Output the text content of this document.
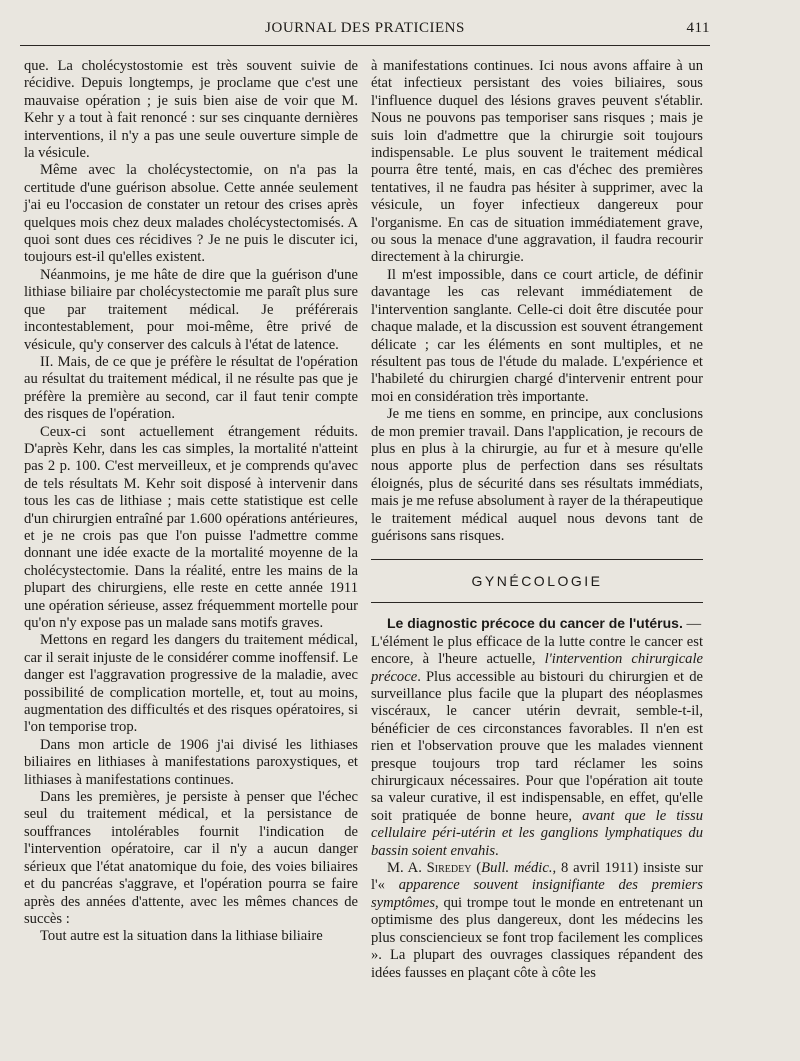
JOURNAL DES PRATICIENS	411

que. La cholécystostomie est très souvent suivie de récidive. Depuis longtemps, je proclame que c'est une mauvaise opération ; je suis bien aise de voir que M. Kehr y a tout à fait renoncé : sur ses cinquante dernières interventions, il n'y a pas une seule ouverture simple de la vésicule.

Même avec la cholécystectomie, on n'a pas la certitude d'une guérison absolue. Cette année seulement j'ai eu l'occasion de constater un retour des crises après quelques mois chez deux malades cholécystectomisés. A quoi sont dues ces récidives ? Je ne puis le discuter ici, toujours est-il qu'elles existent.

Néanmoins, je me hâte de dire que la guérison d'une lithiase biliaire par cholécystectomie me paraît plus sure que par traitement médical. Je préférerais incontestablement, pour moi-même, être privé de vésicule, qu'y conserver des calculs à l'état de latence.

II. Mais, de ce que je préfère le résultat de l'opération au résultat du traitement médical, il ne résulte pas que je préfère la première au second, car il faut tenir compte des risques de l'opération.

Ceux-ci sont actuellement étrangement réduits. D'après Kehr, dans les cas simples, la mortalité n'atteint pas 2 p. 100. C'est merveilleux, et je comprends qu'avec de tels résultats M. Kehr soit disposé à intervenir dans tous les cas de lithiase ; mais cette statistique est celle d'un chirurgien entraîné par 1.600 opérations antérieures, et je ne crois pas que l'on puisse l'admettre comme donnant une idée exacte de la mortalité moyenne de la cholécystectomie. Dans la réalité, entre les mains de la plupart des chirurgiens, elle reste en cette année 1911 une opération sérieuse, assez fréquemment mortelle pour qu'on n'y expose pas un malade sans motifs graves.

Mettons en regard les dangers du traitement médical, car il serait injuste de le considérer comme inoffensif. Le danger est l'aggravation progressive de la maladie, avec possibilité de complication mortelle, et, tout au moins, augmentation des difficultés et des risques opératoires, si l'on temporise trop.

Dans mon article de 1906 j'ai divisé les lithiases biliaires en lithiases à manifestations paroxystiques, et lithiases à manifestations continues.

Dans les premières, je persiste à penser que l'échec seul du traitement médical, et la persistance de souffrances intolérables fournit l'indication de l'intervention opératoire, car il n'y a aucun danger sérieux que l'état anatomique du foie, des voies biliaires et du pancréas s'aggrave, et l'opération pourra se faire après des années d'attente, avec les mêmes chances de succès :

Tout autre est la situation dans la lithiase biliaire

à manifestations continues. Ici nous avons affaire à un état infectieux persistant des voies biliaires, sous l'influence duquel des lésions graves peuvent s'établir. Nous ne pouvons pas temporiser sans risques ; mais je suis loin d'admettre que la chirurgie soit toujours indispensable. Le plus souvent le traitement médical pourra être tenté, mais, en cas d'échec des premières tentatives, il ne faudra pas hésiter à supprimer, avec la vésicule, un foyer infectieux dangereux pour l'organisme. En cas de situation immédiatement grave, ou sous la menace d'une aggravation, il faudra recourir directement à la chirurgie.

Il m'est impossible, dans ce court article, de définir davantage les cas relevant immédiatement de l'intervention sanglante. Celle-ci doit être discutée pour chaque malade, et la discussion est souvent étrangement délicate ; car les éléments en sont multiples, et ne résultent pas tous de l'étude du malade. L'expérience et l'habileté du chirurgien chargé d'intervenir entrent pour moi en considération très importante.

Je me tiens en somme, en principe, aux conclusions de mon premier travail. Dans l'application, je recours de plus en plus à la chirurgie, au fur et à mesure qu'elle nous apporte plus de perfection dans ses résultats éloignés, plus de sécurité dans ses résultats immédiats, mais je me refuse absolument à rayer de la thérapeutique le traitement médical auquel nous devons tant de guérisons sans risques.

GYNÉCOLOGIE

Le diagnostic précoce du cancer de l'utérus. —

L'élément le plus efficace de la lutte contre le cancer est encore, à l'heure actuelle, l'intervention chirurgicale précoce. Plus accessible au bistouri du chirurgien et de surveillance plus facile que la plupart des néoplasmes viscéraux, le cancer utérin devrait, semble-t-il, bénéficier de ces circonstances favorables. Il n'en est rien et l'observation prouve que les malades viennent presque toujours trop tard réclamer les soins chirurgicaux nécessaires. Pour que l'opération ait toute sa valeur curative, il est indispensable, en effet, qu'elle soit pratiquée de bonne heure, avant que le tissu cellulaire péri-utérin et les ganglions lymphatiques du bassin soient envahis.

M. A. Siredey (Bull. médic., 8 avril 1911) insiste sur l'« apparence souvent insignifiante des premiers symptômes, qui trompe tout le monde en entretenant un optimisme des plus dangereux, dont les médecins les plus consciencieux se font trop facilement les complices ». La plupart des ouvrages classiques répandent des idées fausses en plaçant côte à côte les
